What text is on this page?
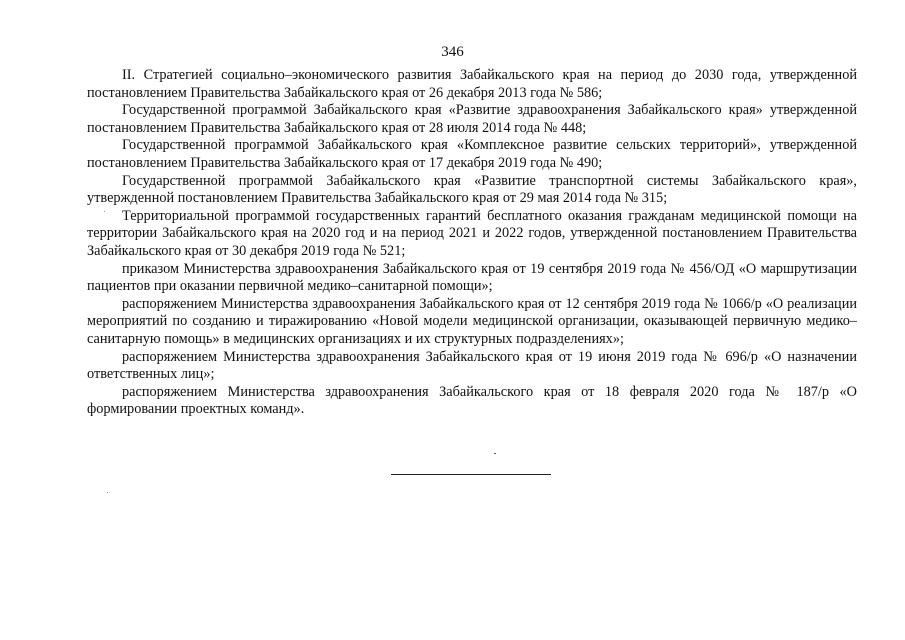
346

II. Стратегией социально–экономического развития Забайкальского края на период до 2030 года, утвержденной постановлением Правительства Забайкальского края от 26 декабря 2013 года № 586;

Государственной программой Забайкальского края «Развитие здравоохранения Забайкальского края» утвержденной постановлением Правительства Забайкальского края от 28 июля 2014 года № 448;

Государственной программой Забайкальского края «Комплексное развитие сельских территорий», утвержденной постановлением Правительства Забайкальского края от 17 декабря 2019 года № 490;

Государственной программой Забайкальского края «Развитие транспортной системы Забайкальского края», утвержденной постановлением Правительства Забайкальского края от 29 мая 2014 года № 315;

Территориальной программой государственных гарантий бесплатного оказания гражданам медицинской помощи на территории Забайкальского края на 2020 год и на период 2021 и 2022 годов, утвержденной постановлением Правительства Забайкальского края от 30 декабря 2019 года № 521;

приказом Министерства здравоохранения Забайкальского края от 19 сентября 2019 года № 456/ОД «О маршрутизации пациентов при оказании первичной медико–санитарной помощи»;

распоряжением Министерства здравоохранения Забайкальского края от 12 сентября 2019 года № 1066/р «О реализации мероприятий по созданию и тиражированию «Новой модели медицинской организации, оказывающей первичную медико–санитарную помощь» в медицинских организациях и их структурных подразделениях»;

распоряжением Министерства здравоохранения Забайкальского края от 19 июня 2019 года № 696/р «О назначении ответственных лиц»;

распоряжением Министерства здравоохранения Забайкальского края от 18 февраля 2020 года № 187/р «О формировании проектных команд».
